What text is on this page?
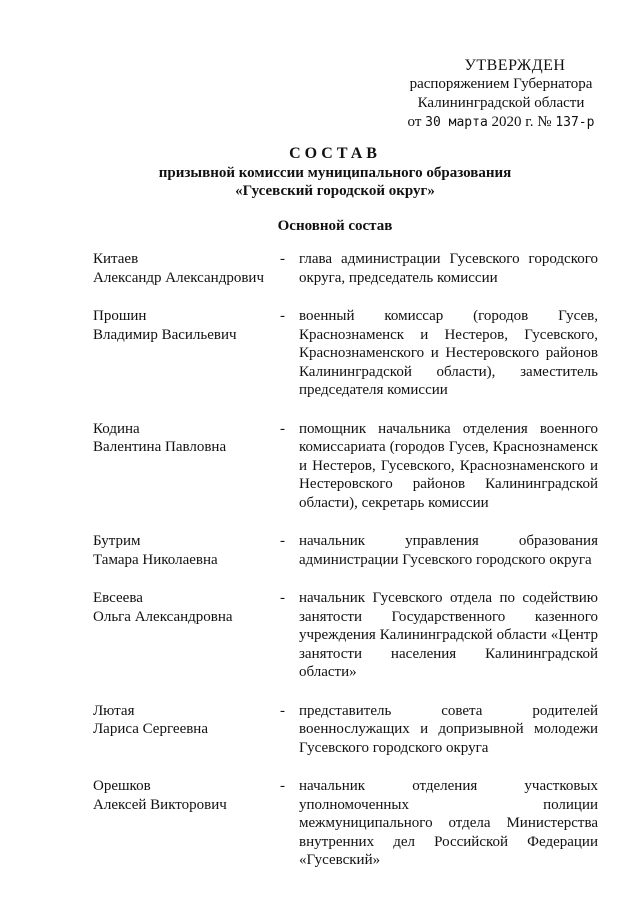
УТВЕРЖДЕН
распоряжением Губернатора
Калининградской области
от 30 марта 2020 г. № 137-р
СОСТАВ
призывной комиссии муниципального образования
«Гусевский городской округ»
Основной состав
Китаев
Александр Александрович
- глава администрации Гусевского городского округа, председатель комиссии
Прошин
Владимир Васильевич
- военный комиссар (городов Гусев, Краснознаменск и Нестеров, Гусевского, Краснознаменского и Нестеровского районов Калининградской области), заместитель председателя комиссии
Кодина
Валентина Павловна
- помощник начальника отделения военного комиссариата (городов Гусев, Краснознаменск и Нестеров, Гусевского, Краснознаменского и Нестеровского районов Калининградской области), секретарь комиссии
Бутрим
Тамара Николаевна
- начальник управления образования администрации Гусевского городского округа
Евсеева
Ольга Александровна
- начальник Гусевского отдела по содействию занятости Государственного казенного учреждения Калининградской области «Центр занятости населения Калининградской области»
Лютая
Лариса Сергеевна
- представитель совета родителей военнослужащих и допризывной молодежи Гусевского городского округа
Орешков
Алексей Викторович
- начальник отделения участковых уполномоченных полиции межмуниципального отдела Министерства внутренних дел Российской Федерации «Гусевский»
